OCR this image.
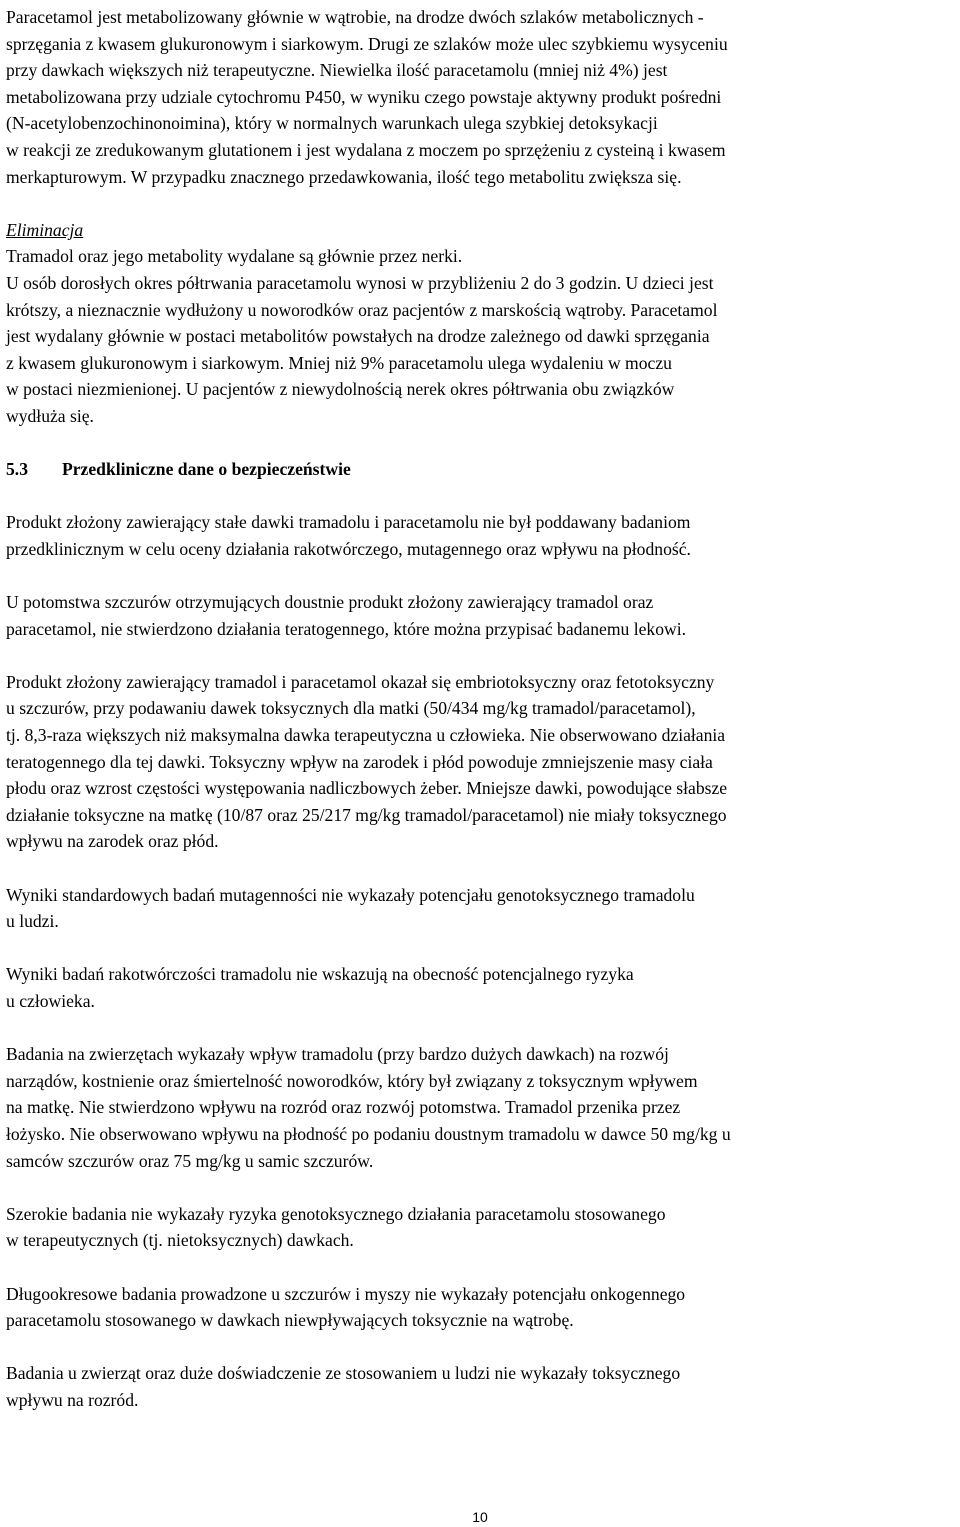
Paracetamol jest metabolizowany głównie w wątrobie, na drodze dwóch szlaków metabolicznych -
sprzęgania z kwasem glukuronowym i siarkowym. Drugi ze szlaków może ulec szybkiemu wysyceniu
przy dawkach większych niż terapeutyczne. Niewielka ilość paracetamolu (mniej niż 4%) jest
metabolizowana przy udziale cytochromu P450, w wyniku czego powstaje aktywny produkt pośredni
(N-acetylobenzochinonoimina), który w normalnych warunkach ulega szybkiej detoksykacji
w reakcji ze zredukowanym glutationem i jest wydalana z moczem po sprzężeniu z cysteiną i kwasem
merkapturowym. W przypadku znacznego przedawkowania, ilość tego metabolitu zwiększa się.

Eliminacja

Tramadol oraz jego metabolity wydalane są głównie przez nerki.
U osób dorosłych okres półtrwania paracetamolu wynosi w przybliżeniu 2 do 3 godzin. U dzieci jest
krótszy, a nieznacznie wydłużony u noworodków oraz pacjentów z marskością wątroby. Paracetamol
jest wydalany głównie w postaci metabolitów powstałych na drodze zależnego od dawki sprzęgania
z kwasem glukuronowym i siarkowym. Mniej niż 9% paracetamolu ulega wydaleniu w moczu
w postaci niezmienionej. U pacjentów z niewydolnością nerek okres półtrwania obu związków
wydłuża się.

5.3	Przedkliniczne dane o bezpieczeństwie

Produkt złożony zawierający stałe dawki tramadolu i paracetamolu nie był poddawany badaniom
przedklinicznym w celu oceny działania rakotwórczego, mutagennego oraz wpływu na płodność.

U potomstwa szczurów otrzymujących doustnie produkt złożony zawierający tramadol oraz
paracetamol, nie stwierdzono działania teratogennego, które można przypisać badanemu lekowi.

Produkt złożony zawierający tramadol i paracetamol okazał się embriotoksyczny oraz fetotoksyczny
u szczurów, przy podawaniu dawek toksycznych dla matki (50/434 mg/kg tramadol/paracetamol),
tj. 8,3-raza większych niż maksymalna dawka terapeutyczna u człowieka. Nie obserwowano działania
teratogennego dla tej dawki. Toksyczny wpływ na zarodek i płód powoduje zmniejszenie masy ciała
płodu oraz wzrost częstości występowania nadliczbowych żeber. Mniejsze dawki, powodujące słabsze
działanie toksyczne na matkę (10/87 oraz 25/217 mg/kg tramadol/paracetamol) nie miały toksycznego
wpływu na zarodek oraz płód.

Wyniki standardowych badań mutagenności nie wykazały potencjału genotoksycznego tramadolu
u ludzi.

Wyniki badań rakotwórczości tramadolu nie wskazują na obecność potencjalnego ryzyka
u człowieka.

Badania na zwierzętach wykazały wpływ tramadolu (przy bardzo dużych dawkach) na rozwój
narządów, kostnienie oraz śmiertelność noworodków, który był związany z toksycznym wpływem
na matkę. Nie stwierdzono wpływu na rozród oraz rozwój potomstwa. Tramadol przenika przez
łożysko. Nie obserwowano wpływu na płodność po podaniu doustnym tramadolu w dawce 50 mg/kg u
samców szczurów oraz 75 mg/kg u samic szczurów.

Szerokie badania nie wykazały ryzyka genotoksycznego działania paracetamolu stosowanego
w terapeutycznych (tj. nietoksycznych) dawkach.

Długookresowe badania prowadzone u szczurów i myszy nie wykazały potencjału onkogennego
paracetamolu stosowanego w dawkach niewpływających toksycznie na wątrobę.

Badania u zwierząt oraz duże doświadczenie ze stosowaniem u ludzi nie wykazały toksycznego
wpływu na rozród.

10
